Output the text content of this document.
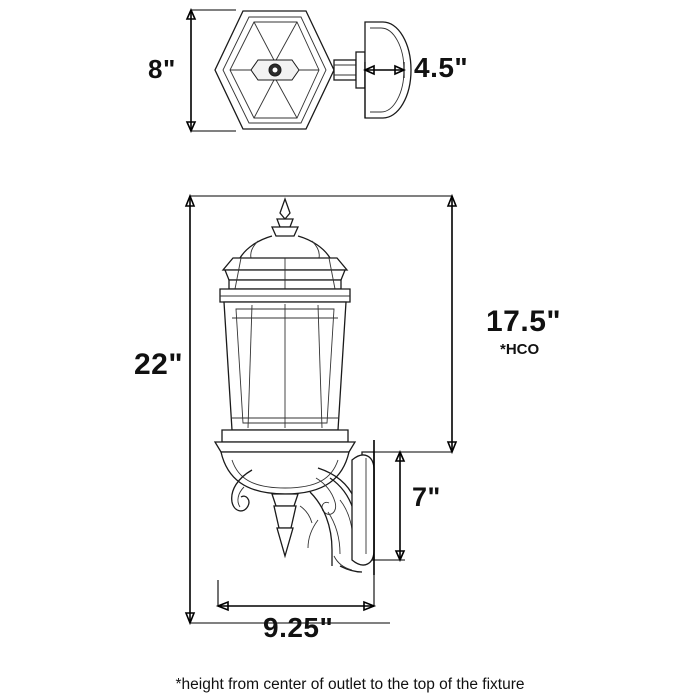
8"	4.5"
22"
17.5"
*HCO
7"
9.25"
*height from center of outlet to the top of the fixture
